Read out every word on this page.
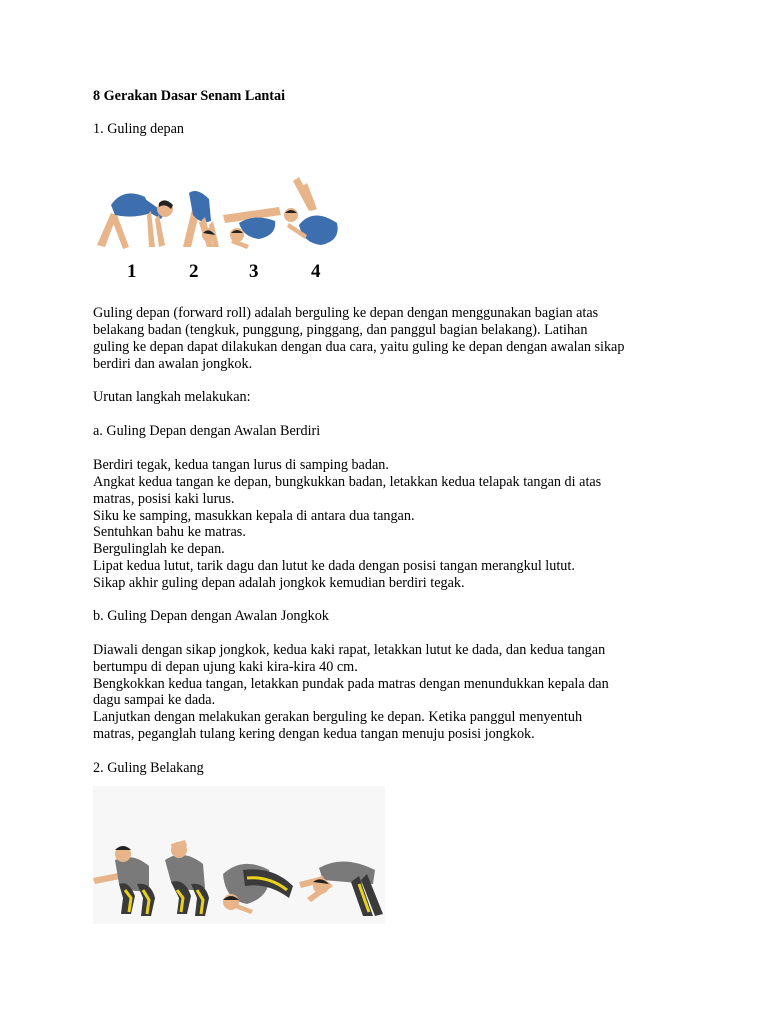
8 Gerakan Dasar Senam Lantai
1. Guling depan
1	2	3	4
Guling depan (forward roll) adalah berguling ke depan dengan menggunakan bagian atas
belakang badan (tengkuk, punggung, pinggang, dan panggul bagian belakang). Latihan
guling ke depan dapat dilakukan dengan dua cara, yaitu guling ke depan dengan awalan sikap
berdiri dan awalan jongkok.
Urutan langkah melakukan:
a. Guling Depan dengan Awalan Berdiri
Berdiri tegak, kedua tangan lurus di samping badan.
Angkat kedua tangan ke depan, bungkukkan badan, letakkan kedua telapak tangan di atas
matras, posisi kaki lurus.
Siku ke samping, masukkan kepala di antara dua tangan.
Sentuhkan bahu ke matras.
Bergulinglah ke depan.
Lipat kedua lutut, tarik dagu dan lutut ke dada dengan posisi tangan merangkul lutut.
Sikap akhir guling depan adalah jongkok kemudian berdiri tegak.
b. Guling Depan dengan Awalan Jongkok
Diawali dengan sikap jongkok, kedua kaki rapat, letakkan lutut ke dada, dan kedua tangan
bertumpu di depan ujung kaki kira-kira 40 cm.
Bengkokkan kedua tangan, letakkan pundak pada matras dengan menundukkan kepala dan
dagu sampai ke dada.
Lanjutkan dengan melakukan gerakan berguling ke depan. Ketika panggul menyentuh
matras, peganglah tulang kering dengan kedua tangan menuju posisi jongkok.
2. Guling Belakang
